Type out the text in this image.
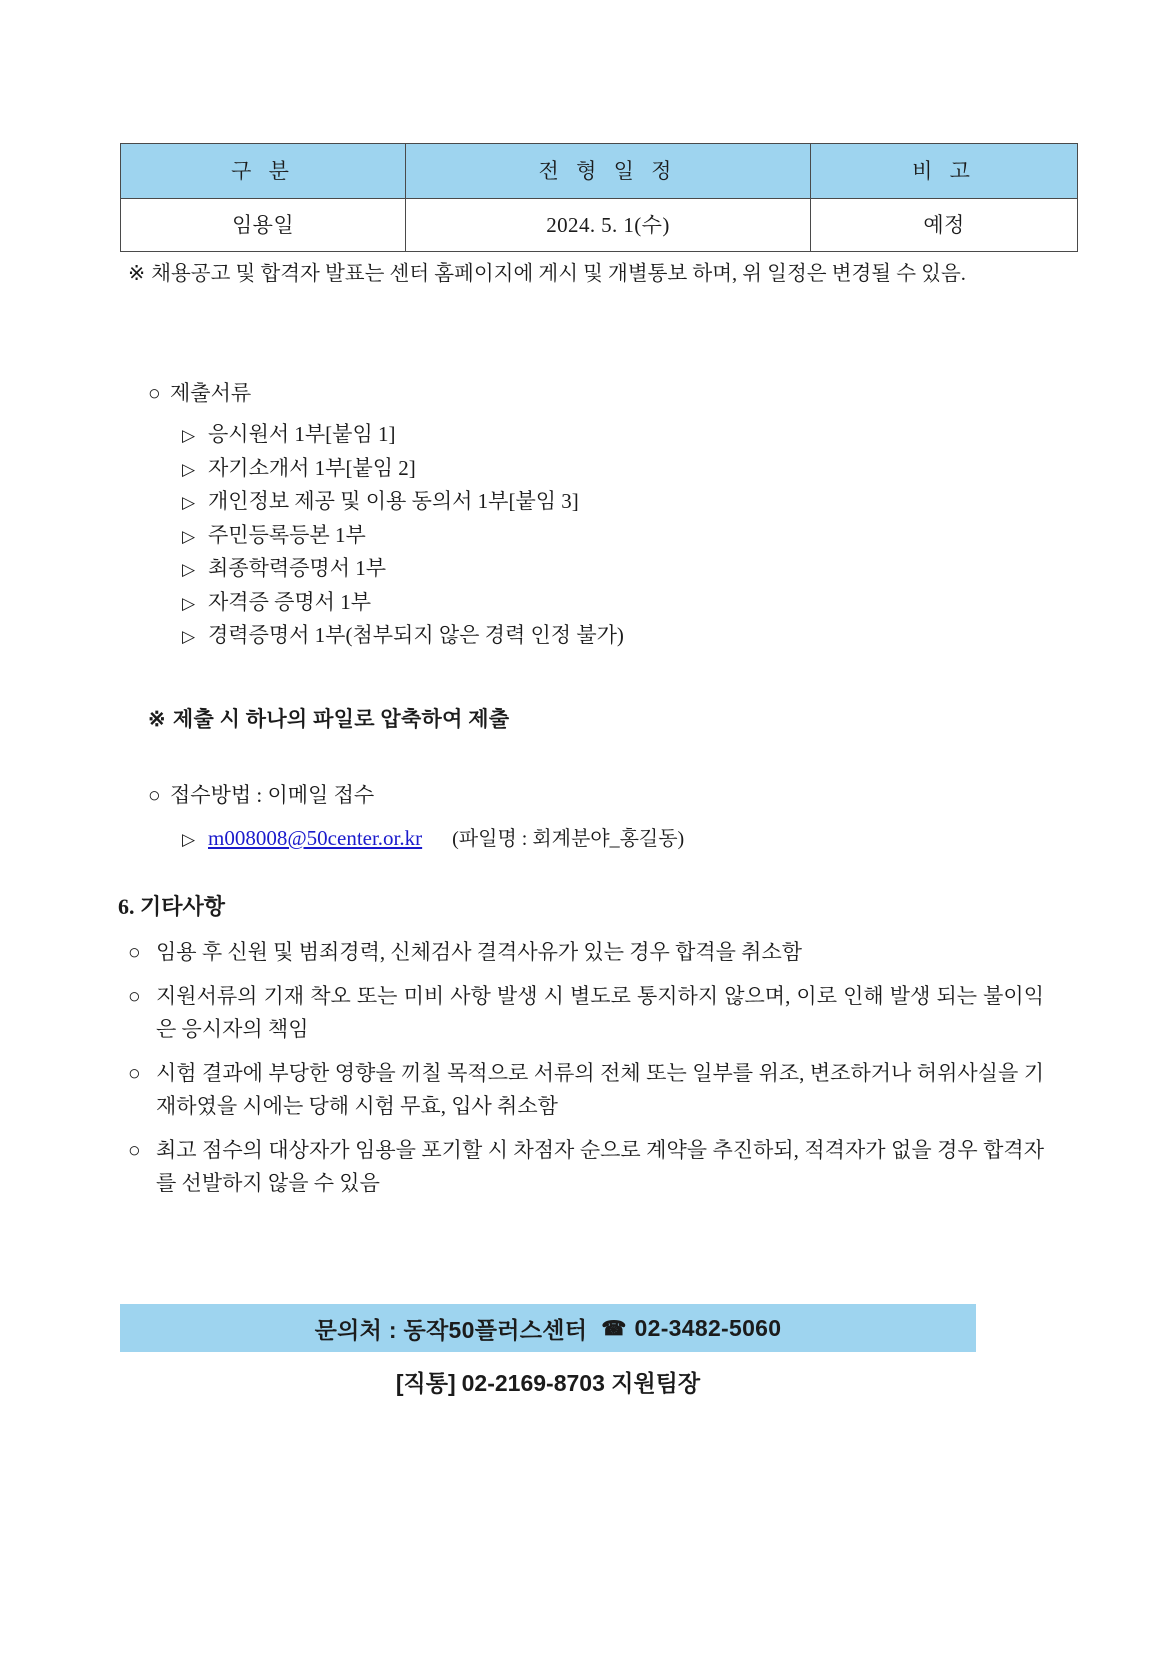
구 분	전 형 일 정	비 고
임용일	2024. 5. 1(수)	예정
※ 채용공고 및 합격자 발표는 센터 홈페이지에 게시 및 개별통보 하며, 위 일정은 변경될 수 있음.
○ 제출서류
▷ 응시원서 1부[붙임 1]
▷ 자기소개서 1부[붙임 2]
▷ 개인정보 제공 및 이용 동의서 1부[붙임 3]
▷ 주민등록등본 1부
▷ 최종학력증명서 1부
▷ 자격증 증명서 1부
▷ 경력증명서 1부(첨부되지 않은 경력 인정 불가)
※ 제출 시 하나의 파일로 압축하여 제출
○ 접수방법 : 이메일 접수
▷ m008008@50center.or.kr (파일명 : 회계분야_홍길동)
6. 기타사항
○ 임용 후 신원 및 범죄경력, 신체검사 결격사유가 있는 경우 합격을 취소함
○ 지원서류의 기재 착오 또는 미비 사항 발생 시 별도로 통지하지 않으며, 이로 인해 발생 되는 불이익은 응시자의 책임
○ 시험 결과에 부당한 영향을 끼칠 목적으로 서류의 전체 또는 일부를 위조, 변조하거나 허위사실을 기재하였을 시에는 당해 시험 무효, 입사 취소함
○ 최고 점수의 대상자가 임용을 포기할 시 차점자 순으로 계약을 추진하되, 적격자가 없을 경우 합격자를 선발하지 않을 수 있음
문의처 : 동작50플러스센터 ☎ 02-3482-5060
[직통] 02-2169-8703 지원팀장
